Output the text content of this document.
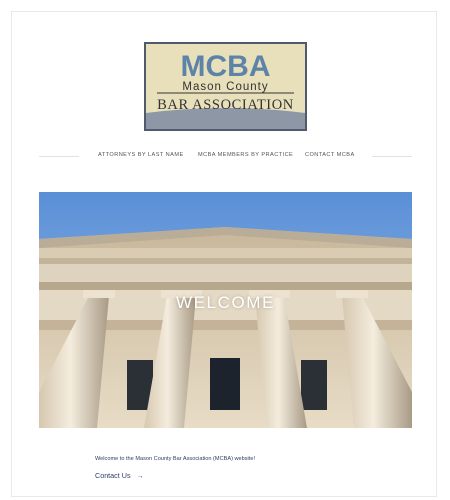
MCBA
Mason County
BAR ASSOCIATION
ATTORNEYS BY LAST NAME	MCBA MEMBERS BY PRACTICE CONTACT MCBA
WELCOME
Welcome to the Mason County Bar Association (MCBA) website!
Contact Us →
